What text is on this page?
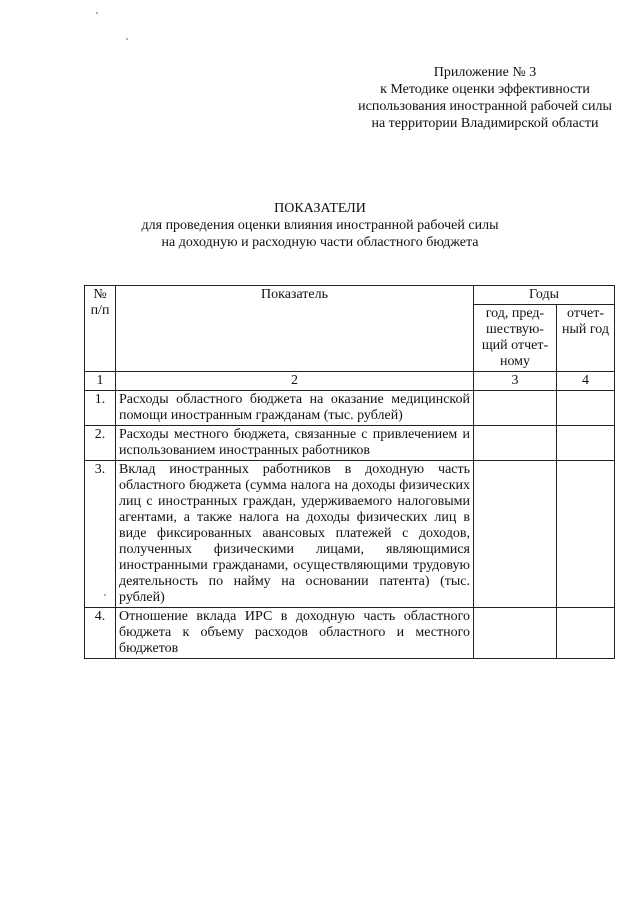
Приложение № 3
к Методике оценки эффективности
использования иностранной рабочей силы
на территории Владимирской области
ПОКАЗАТЕЛИ
для проведения оценки влияния иностранной рабочей силы
на доходную и расходную части областного бюджета
№ п/п	Показатель	Годы	
		год, пред-шествую-щий отчет-ному	отчет-ный год
1	2	3	4
1.	Расходы областного бюджета на оказание медицинской помощи иностранным гражданам (тыс. рублей)		
2.	Расходы местного бюджета, связанные с привлечением и использованием иностранных работников		
3.	Вклад иностранных работников в доходную часть областного бюджета (сумма налога на доходы физических лиц с иностранных граждан, удерживаемого налоговыми агентами, а также налога на доходы физических лиц в виде фиксированных авансовых платежей с доходов, полученных физическими лицами, являющимися иностранными гражданами, осуществляющими трудовую деятельность по найму на основании патента) (тыс. рублей)		
4.	Отношение вклада ИРС в доходную часть областного бюджета к объему расходов областного и местного бюджетов		
